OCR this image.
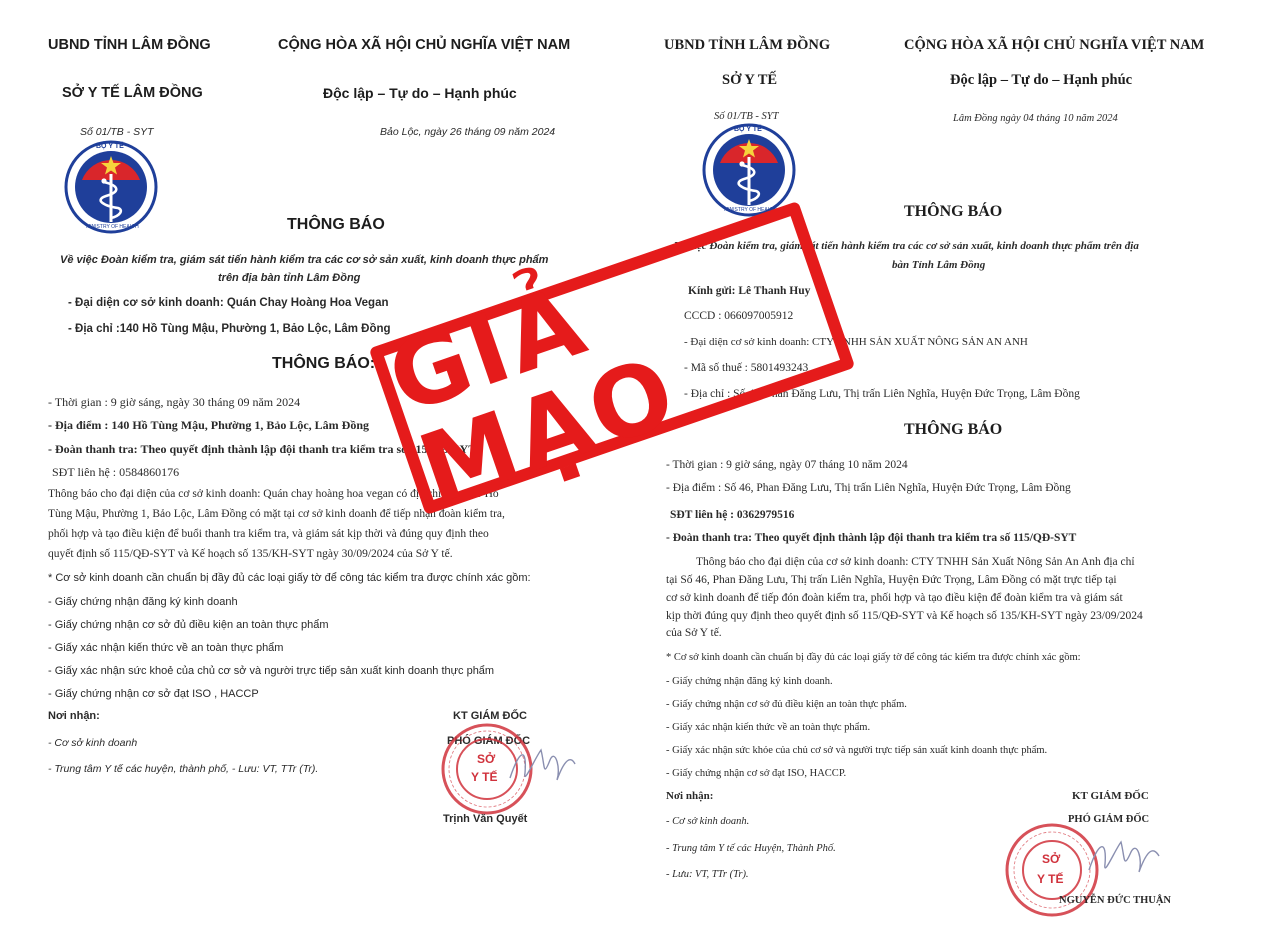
UBND TỈNH LÂM ĐỒNG	CỘNG HÒA XÃ HỘI CHỦ NGHĨA VIỆT NAM
SỞ Y TẾ LÂM ĐỒNG	Độc lập – Tự do – Hạnh phúc
Số 01/TB - SYT	Bảo Lộc, ngày 26 tháng 09 năm 2024
BỘ Y TẾ
MINISTRY OF HEALTH	THÔNG BÁO
Về việc Đoàn kiểm tra, giám sát tiến hành kiểm tra các cơ sở sản xuất, kinh doanh thực phẩm
trên địa bàn tỉnh Lâm Đồng
- Đại diện cơ sở kinh doanh: Quán Chay Hoàng Hoa Vegan
- Địa chỉ :140 Hồ Tùng Mậu, Phường 1, Bảo Lộc, Lâm Đồng
THÔNG BÁO:
- Thời gian : 9 giờ sáng, ngày 30 tháng 09 năm 2024
- Địa điểm : 140 Hồ Tùng Mậu, Phường 1, Bảo Lộc, Lâm Đồng
- Đoàn thanh tra: Theo quyết định thành lập đội thanh tra kiểm tra số 115/QĐ-SYT
SĐT liên hệ : 0584860176
Thông báo cho đại diện của cơ sở kinh doanh: Quán chay hoàng hoa vegan có địa chỉ tại : 140 Hồ
Tùng Mậu, Phường 1, Bảo Lộc, Lâm Đồng có mặt tại cơ sở kinh doanh để tiếp nhận đoàn kiểm tra,
phối hợp và tạo điều kiện để buổi thanh tra kiểm tra, và giám sát kịp thời và đúng quy định theo
quyết định số 115/QĐ-SYT và Kế hoạch số 135/KH-SYT ngày 30/09/2024 của Sở Y tế.
* Cơ sở kinh doanh cần chuẩn bị đầy đủ các loại giấy tờ để công tác kiểm tra được chính xác gồm:
- Giấy chứng nhận đăng ký kinh doanh
- Giấy chứng nhận cơ sở đủ điều kiện an toàn thực phẩm
- Giấy xác nhận kiến thức về an toàn thực phẩm
- Giấy xác nhận sức khoẻ của chủ cơ sở và người trực tiếp sản xuất kinh doanh thực phẩm
- Giấy chứng nhận cơ sở đạt ISO , HACCP
Nơi nhận:
- Cơ sở kinh doanh
- Trung tâm Y tế các huyện, thành phố, - Lưu: VT, TTr (Tr).
KT GIÁM ĐỐC
PHÓ GIÁM ĐỐC
SỞ
Y TẾ
Trịnh Văn Quyết
UBND TỈNH LÂM ĐỒNG	CỘNG HÒA XÃ HỘI CHỦ NGHĨA VIỆT NAM
SỞ Y TẾ	Độc lập – Tự do – Hạnh phúc
Số 01/TB - SYT	Lâm Đồng ngày 04 tháng 10 năm 2024
BỘ Y TẾ
MINISTRY OF HEALTH	THÔNG BÁO
Về việc Đoàn kiểm tra, giám sát tiến hành kiểm tra các cơ sở sản xuất, kinh doanh thực phẩm trên địa
bàn Tỉnh Lâm Đồng
Kính gửi: Lê Thanh Huy
CCCD : 066097005912
- Đại diện cơ sở kinh doanh: CTY TNHH SẢN XUẤT NÔNG SẢN AN ANH
- Mã số thuế : 5801493243
- Địa chỉ : Số 46, Phan Đăng Lưu, Thị trấn Liên Nghĩa, Huyện Đức Trọng, Lâm Đồng
THÔNG BÁO
- Thời gian : 9 giờ sáng, ngày 07 tháng 10 năm 2024
- Địa điểm : Số 46, Phan Đăng Lưu, Thị trấn Liên Nghĩa, Huyện Đức Trọng, Lâm Đồng
SĐT liên hệ : 0362979516
- Đoàn thanh tra: Theo quyết định thành lập đội thanh tra kiểm tra số 115/QĐ-SYT
Thông báo cho đại diện của cơ sở kinh doanh: CTY TNHH Sản Xuất Nông Sản An Anh địa chỉ
tại Số 46, Phan Đăng Lưu, Thị trấn Liên Nghĩa, Huyện Đức Trọng, Lâm Đồng có mặt trực tiếp tại
cơ sở kinh doanh để tiếp đón đoàn kiểm tra, phối hợp và tạo điều kiện để đoàn kiểm tra và giám sát
kịp thời đúng quy định theo quyết định số 115/QĐ-SYT và Kế hoạch số 135/KH-SYT ngày 23/09/2024
của Sở Y tế.
* Cơ sở kinh doanh cần chuẩn bị đầy đủ các loại giấy tờ để công tác kiểm tra được chính xác gồm:
- Giấy chứng nhận đăng ký kinh doanh.
- Giấy chứng nhận cơ sở đủ điều kiện an toàn thực phẩm.
- Giấy xác nhận kiến thức về an toàn thực phẩm.
- Giấy xác nhận sức khỏe của chủ cơ sở và người trực tiếp sản xuất kinh doanh thực phẩm.
- Giấy chứng nhận cơ sở đạt ISO, HACCP.
Nơi nhận:
- Cơ sở kinh doanh.
- Trung tâm Y tế các Huyện, Thành Phố.
- Lưu: VT, TTr (Tr).
KT GIÁM ĐỐC
PHÓ GIÁM ĐỐC
SỞ
Y TẾ
NGUYỄN ĐỨC THUẬN
GIẢ MẠO
